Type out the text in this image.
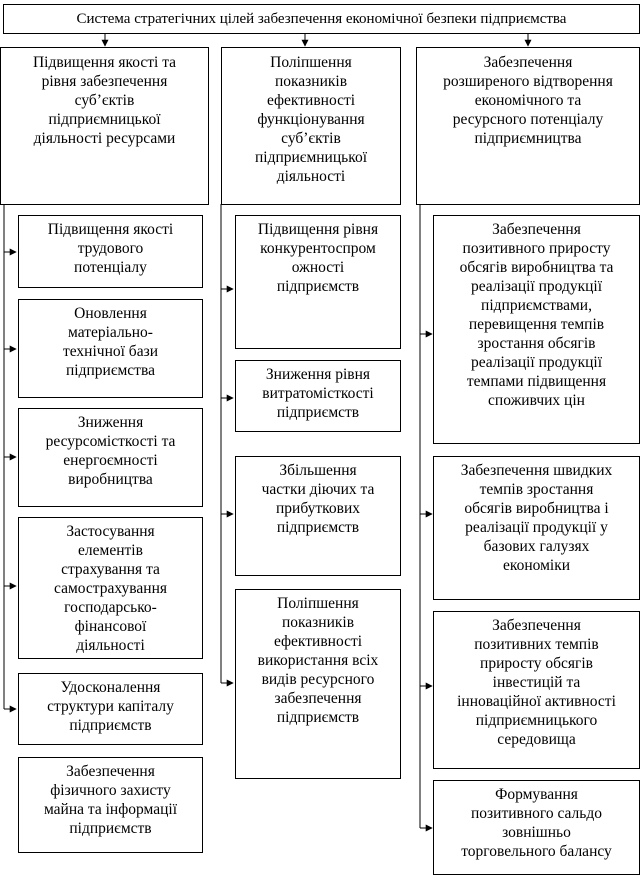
Система стратегічних цілей забезпечення економічної безпеки підприємства
Підвищення якості та
рівня забезпечення
суб’єктів
підприємницької
діяльності ресурсами
Поліпшення
показників
ефективності
функціонування
суб’єктів
підприємницької
діяльності
Забезпечення
розширеного відтворення
економічного та
ресурсного потенціалу
підприємництва
Підвищення якості
трудового
потенціалу
Оновлення
матеріально-
технічної бази
підприємства
Зниження
ресурсомісткості та
енергоємності
виробництва
Застосування
елементів
страхування та
самострахування
господарсько-
фінансової
діяльності
Удосконалення
структури капіталу
підприємств
Забезпечення
фізичного захисту
майна та інформації
підприємств
Підвищення рівня
конкурентоспром
ожності
підприємств
Зниження рівня
витратомісткості
підприємств
Збільшення
частки діючих та
прибуткових
підприємств
Поліпшення
показників
ефективності
використання всіх
видів ресурсного
забезпечення
підприємств
Забезпечення
позитивного приросту
обсягів виробництва та
реалізації продукції
підприємствами,
перевищення темпів
зростання обсягів
реалізації продукції
темпами підвищення
споживчих цін
Забезпечення швидких
темпів зростання
обсягів виробництва і
реалізації продукції у
базових галузях
економіки
Забезпечення
позитивних темпів
приросту обсягів
інвестицій та
інноваційної активності
підприємницького
середовища
Формування
позитивного сальдо
зовнішньо
торговельного балансу
